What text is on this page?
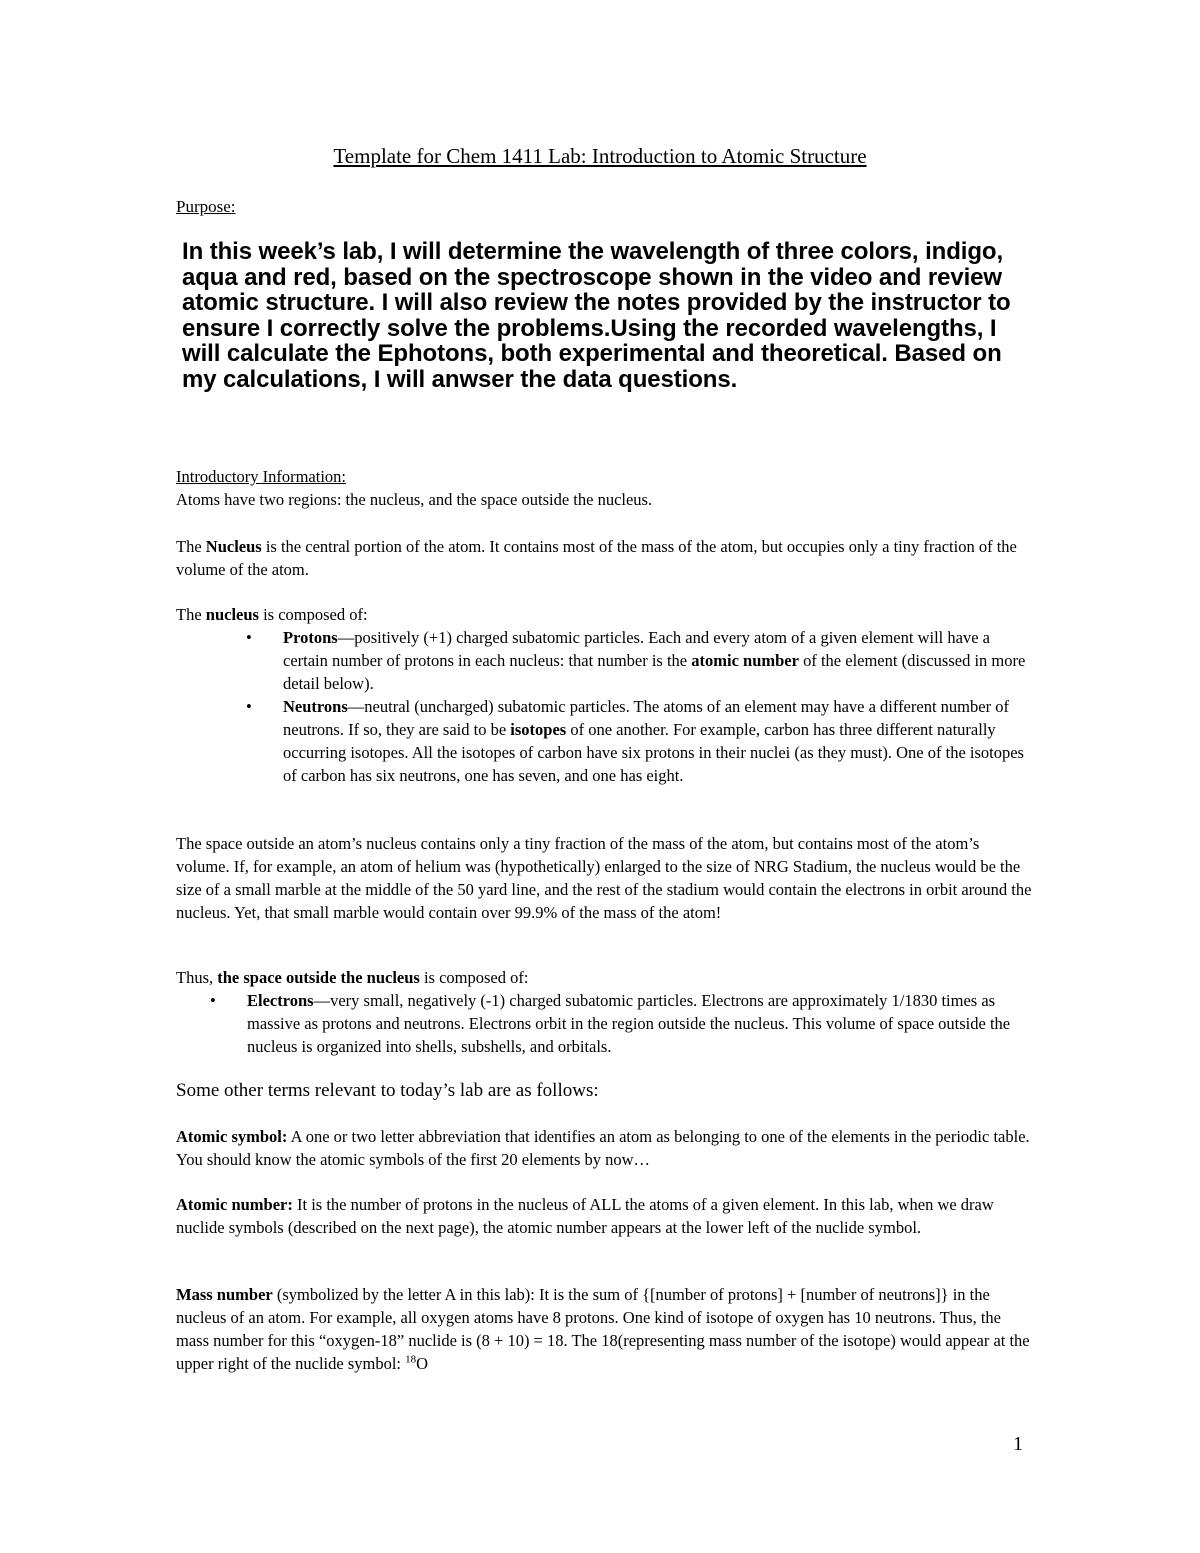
Template for Chem 1411 Lab: Introduction to Atomic Structure
Purpose:
In this week’s lab, I will determine the wavelength of three colors, indigo, aqua and red, based on the spectroscope shown in the video and review atomic structure. I will also review the notes provided by the instructor to ensure I correctly solve the problems.Using the recorded wavelengths, I will calculate the Ephotons, both experimental and theoretical. Based on my calculations, I will anwser the data questions.
Introductory Information:
Atoms have two regions: the nucleus, and the space outside the nucleus.
The Nucleus is the central portion of the atom. It contains most of the mass of the atom, but occupies only a tiny fraction of the volume of the atom.
The nucleus is composed of:
• Protons—positively (+1) charged subatomic particles. Each and every atom of a given element will have a certain number of protons in each nucleus: that number is the atomic number of the element (discussed in more detail below).
• Neutrons—neutral (uncharged) subatomic particles. The atoms of an element may have a different number of neutrons. If so, they are said to be isotopes of one another. For example, carbon has three different naturally occurring isotopes. All the isotopes of carbon have six protons in their nuclei (as they must). One of the isotopes of carbon has six neutrons, one has seven, and one has eight.
The space outside an atom’s nucleus contains only a tiny fraction of the mass of the atom, but contains most of the atom’s volume. If, for example, an atom of helium was (hypothetically) enlarged to the size of NRG Stadium, the nucleus would be the size of a small marble at the middle of the 50 yard line, and the rest of the stadium would contain the electrons in orbit around the nucleus. Yet, that small marble would contain over 99.9% of the mass of the atom!
Thus, the space outside the nucleus is composed of:
• Electrons—very small, negatively (-1) charged subatomic particles. Electrons are approximately 1/1830 times as massive as protons and neutrons. Electrons orbit in the region outside the nucleus. This volume of space outside the nucleus is organized into shells, subshells, and orbitals.
Some other terms relevant to today’s lab are as follows:
Atomic symbol: A one or two letter abbreviation that identifies an atom as belonging to one of the elements in the periodic table. You should know the atomic symbols of the first 20 elements by now…
Atomic number: It is the number of protons in the nucleus of ALL the atoms of a given element. In this lab, when we draw nuclide symbols (described on the next page), the atomic number appears at the lower left of the nuclide symbol.
Mass number (symbolized by the letter A in this lab): It is the sum of {[number of protons] + [number of neutrons]} in the nucleus of an atom. For example, all oxygen atoms have 8 protons. One kind of isotope of oxygen has 10 neutrons. Thus, the mass number for this “oxygen-18” nuclide is (8 + 10) = 18. The 18(representing mass number of the isotope) would appear at the upper right of the nuclide symbol: $^{18}$O
1
